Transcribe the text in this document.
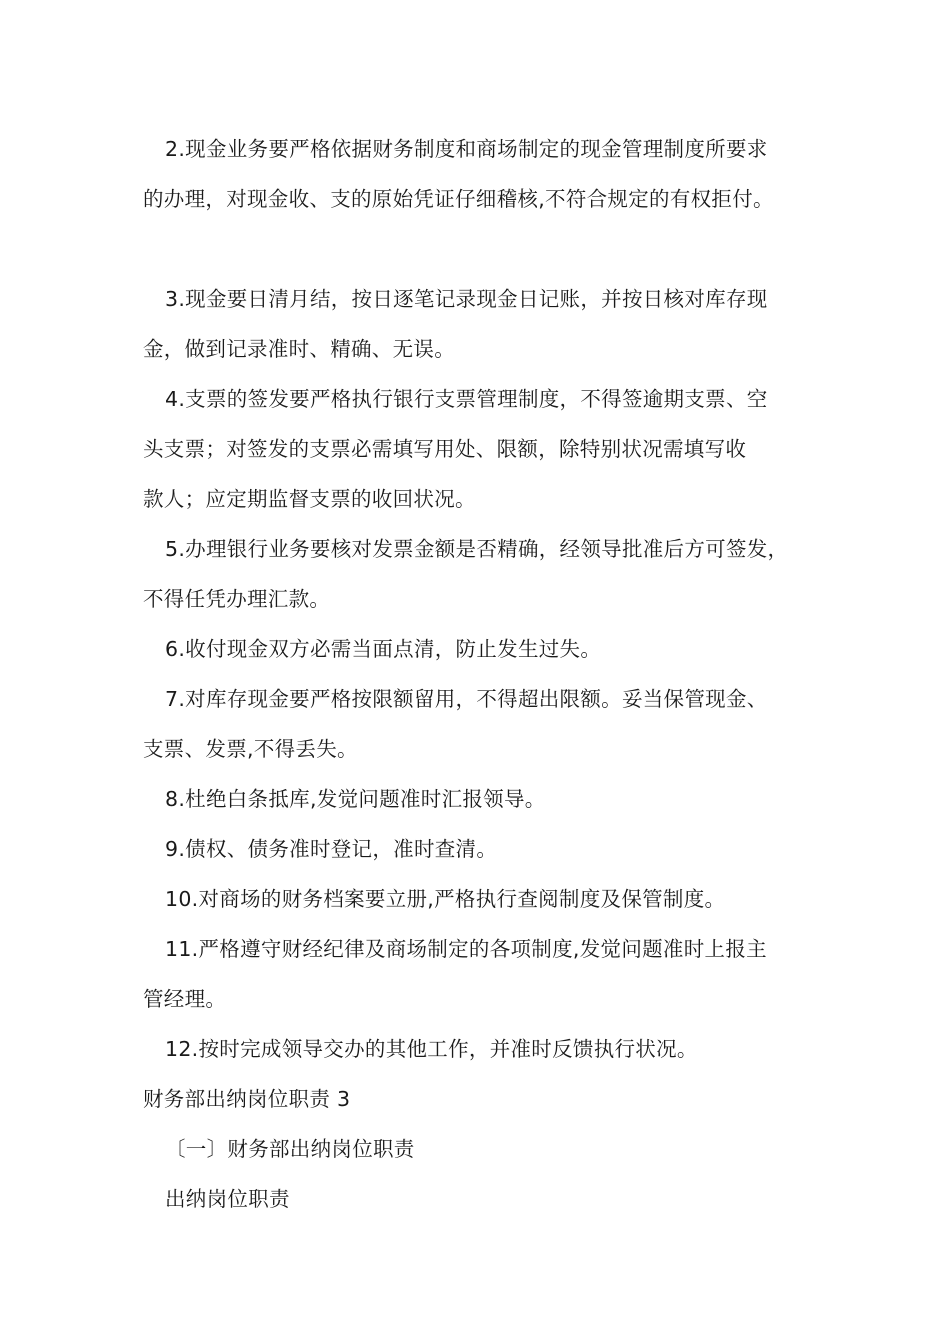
2.现金业务要严格依据财务制度和商场制定的现金管理制度所要求
的办理，对现金收、支的原始凭证仔细稽核,不符合规定的有权拒付。
3.现金要日清月结，按日逐笔记录现金日记账，并按日核对库存现
金，做到记录准时、精确、无误。
4.支票的签发要严格执行银行支票管理制度，不得签逾期支票、空
头支票；对签发的支票必需填写用处、限额，除特别状况需填写收
款人；应定期监督支票的收回状况。
5.办理银行业务要核对发票金额是否精确，经领导批准后方可签发，
不得任凭办理汇款。
6.收付现金双方必需当面点清，防止发生过失。
7.对库存现金要严格按限额留用，不得超出限额。妥当保管现金、
支票、发票,不得丢失。
8.杜绝白条抵库,发觉问题准时汇报领导。
9.债权、债务准时登记，准时查清。
10.对商场的财务档案要立册,严格执行查阅制度及保管制度。
11.严格遵守财经纪律及商场制定的各项制度,发觉问题准时上报主
管经理。
12.按时完成领导交办的其他工作，并准时反馈执行状况。
财务部出纳岗位职责 3
〔一〕财务部出纳岗位职责
出纳岗位职责
